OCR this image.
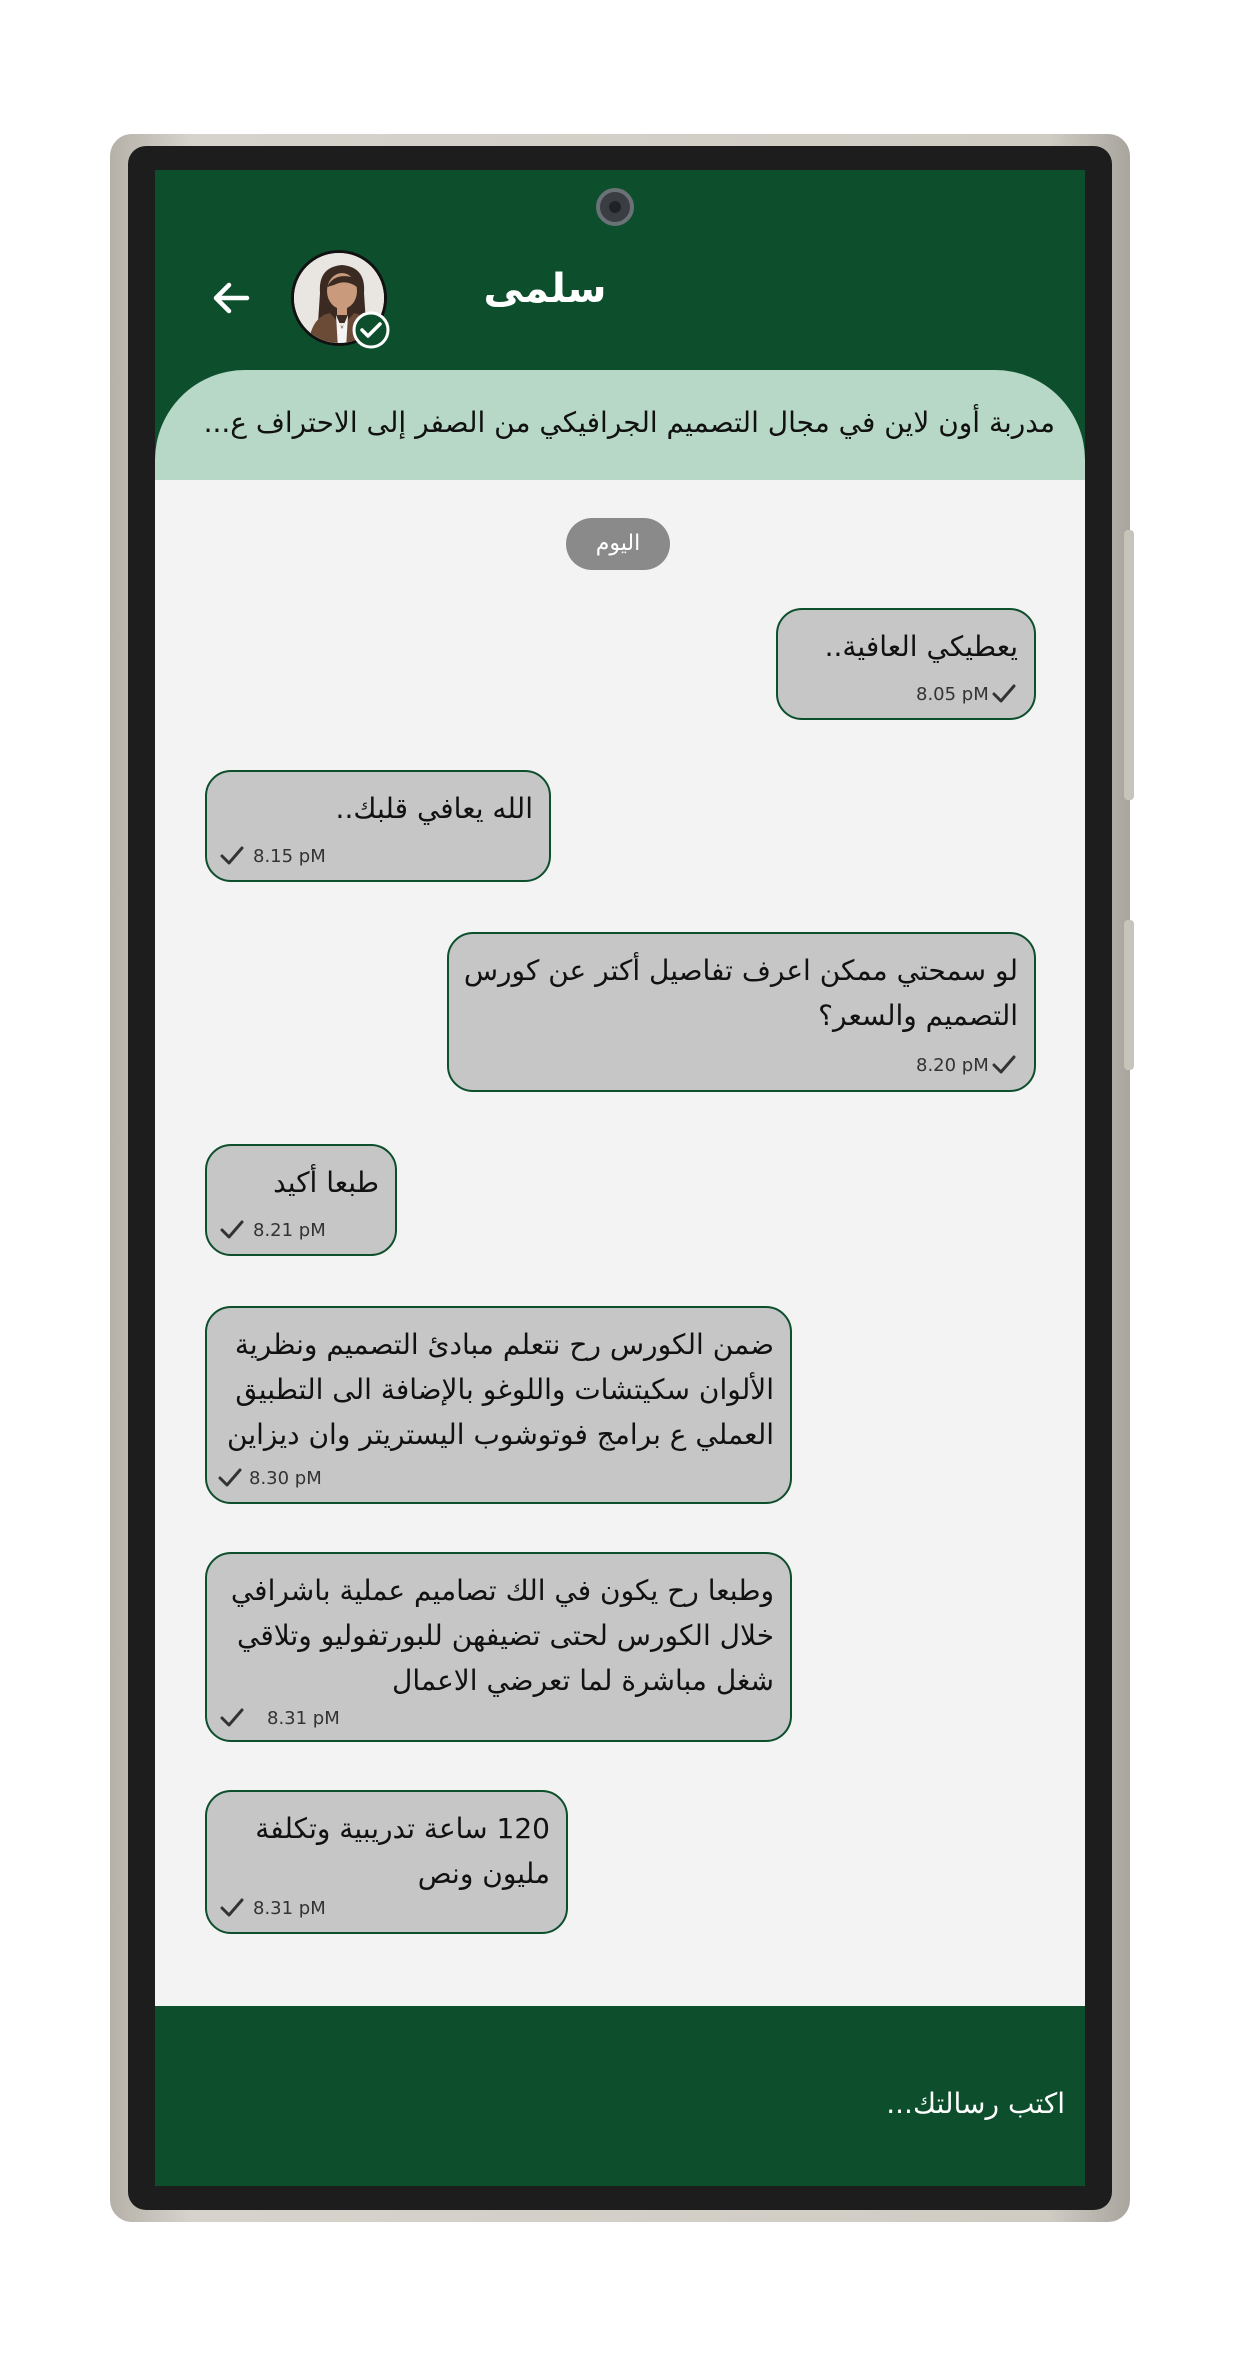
سلمى
مدربة أون لاين في مجال التصميم الجرافيكي من الصفر إلى الاحتراف ع...
اليوم
يعطيكي العافية..
8.05 pM
الله يعافي قلبك..
8.15 pM
لو سمحتي ممكن اعرف تفاصيل أكتر عن كورس التصميم والسعر؟
8.20 pM
طبعا أكيد
8.21 pM
ضمن الكورس رح نتعلم مبادئ التصميم ونظرية الألوان سكيتشات واللوغو بالإضافة الى التطبيق العملي ع برامج فوتوشوب اليستريتر وان ديزاين
8.30 pM
وطبعا رح يكون في الك تصاميم عملية باشرافي خلال الكورس لحتى تضيفهن للبورتفوليو وتلاقي شغل مباشرة لما تعرضي الاعمال
8.31 pM
120 ساعة تدريبية وتكلفة مليون ونص
8.31 pM
اكتب رسالتك...
